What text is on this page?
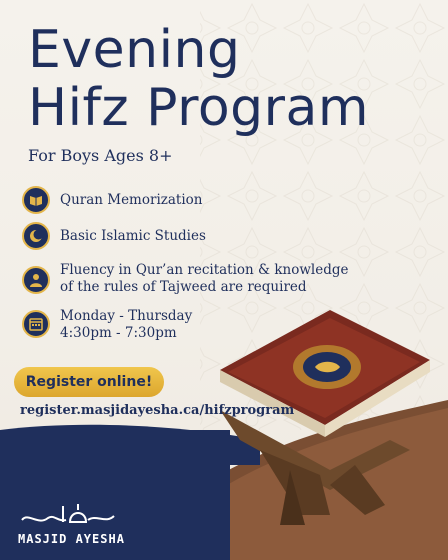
Evening
Hifz Program
For Boys Ages 8+
Quran Memorization
Basic Islamic Studies
Fluency in Qur’an recitation & knowledge
of the rules of Tajweed are required
Monday - Thursday
4:30pm - 7:30pm
Register online!
register.masjidayesha.ca/hifzprogram
MASJID AYESHA
